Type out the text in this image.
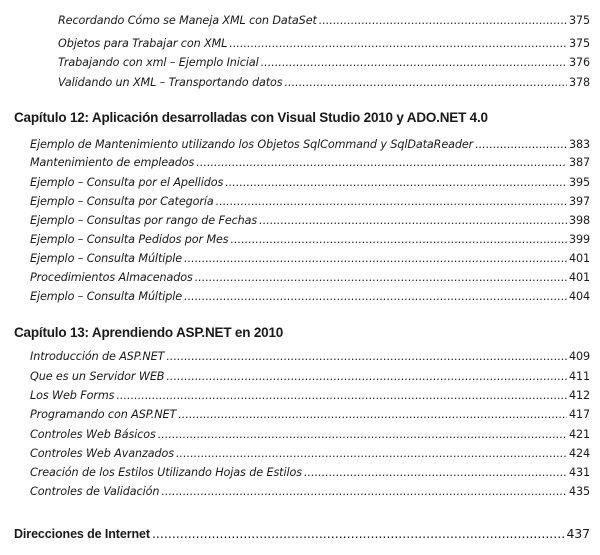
Recordando Cómo se Maneja XML con DataSet .....	375
Objetos para Trabajar con XML .....	375
Trabajando con xml – Ejemplo Inicial .....	376
Validando un XML – Transportando datos .....	378
Capítulo 12: Aplicación desarrolladas con Visual Studio 2010 y ADO.NET 4.0
Ejemplo de Mantenimiento utilizando los Objetos SqlCommand y SqlDataReader .....	383
Mantenimiento de empleados .....	387
Ejemplo – Consulta por el Apellidos .....	395
Ejemplo – Consulta por Categoría .....	397
Ejemplo – Consultas por rango de Fechas .....	398
Ejemplo – Consulta Pedidos por Mes .....	399
Ejemplo – Consulta Múltiple .....	401
Procedimientos Almacenados .....	401
Ejemplo – Consulta Múltiple .....	404
Capítulo 13: Aprendiendo ASP.NET en 2010
Introducción de ASP.NET .....	409
Que es un Servidor WEB .....	411
Los Web Forms .....	412
Programando con ASP.NET .....	417
Controles Web Básicos .....	421
Controles Web Avanzados .....	424
Creación de los Estilos Utilizando Hojas de Estilos .....	431
Controles de Validación .....	435
Direcciones de Internet .....	437
